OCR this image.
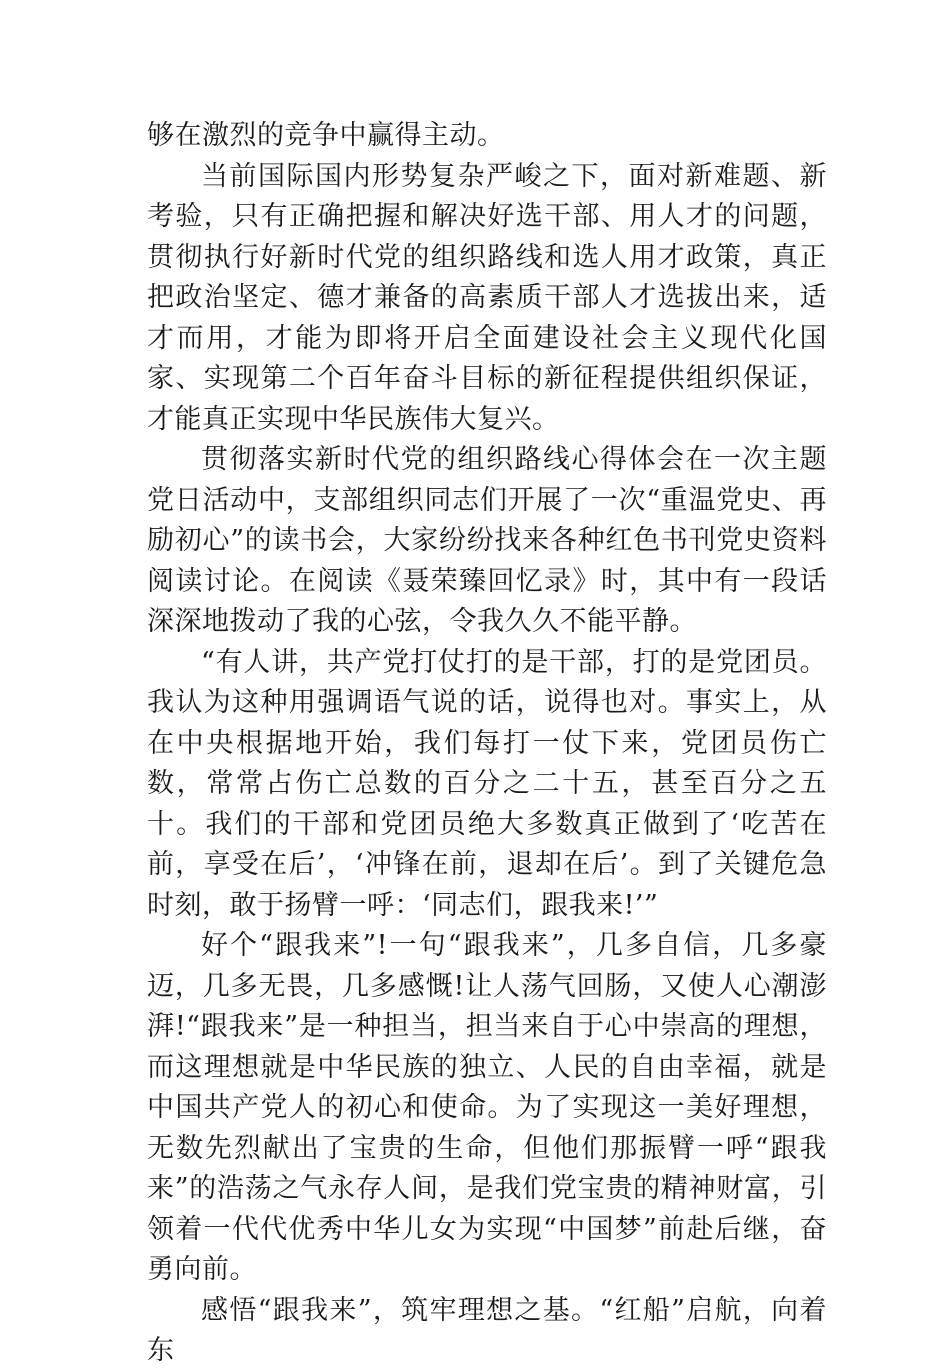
够在激烈的竞争中赢得主动。

当前国际国内形势复杂严峻之下，面对新难题、新考验，只有正确把握和解决好选干部、用人才的问题，贯彻执行好新时代党的组织路线和选人用才政策，真正把政治坚定、德才兼备的高素质干部人才选拔出来，适才而用，才能为即将开启全面建设社会主义现代化国家、实现第二个百年奋斗目标的新征程提供组织保证，才能真正实现中华民族伟大复兴。

贯彻落实新时代党的组织路线心得体会在一次主题党日活动中，支部组织同志们开展了一次“重温党史、再励初心”的读书会，大家纷纷找来各种红色书刊党史资料阅读讨论。在阅读《聂荣臻回忆录》时，其中有一段话深深地拨动了我的心弦，令我久久不能平静。

“有人讲，共产党打仗打的是干部，打的是党团员。我认为这种用强调语气说的话，说得也对。事实上，从在中央根据地开始，我们每打一仗下来，党团员伤亡数，常常占伤亡总数的百分之二十五，甚至百分之五十。我们的干部和党团员绝大多数真正做到了‘吃苦在前，享受在后’，‘冲锋在前，退却在后’。到了关键危急时刻，敢于扬臂一呼：‘同志们，跟我来!’”

好个“跟我来”!一句“跟我来”，几多自信，几多豪迈，几多无畏，几多感慨!让人荡气回肠，又使人心潮澎湃!“跟我来”是一种担当，担当来自于心中崇高的理想，而这理想就是中华民族的独立、人民的自由幸福，就是中国共产党人的初心和使命。为了实现这一美好理想，无数先烈献出了宝贵的生命，但他们那振臂一呼“跟我来”的浩荡之气永存人间，是我们党宝贵的精神财富，引领着一代代优秀中华儿女为实现“中国梦”前赴后继，奋勇向前。

感悟“跟我来”，筑牢理想之基。“红船”启航，向着东
